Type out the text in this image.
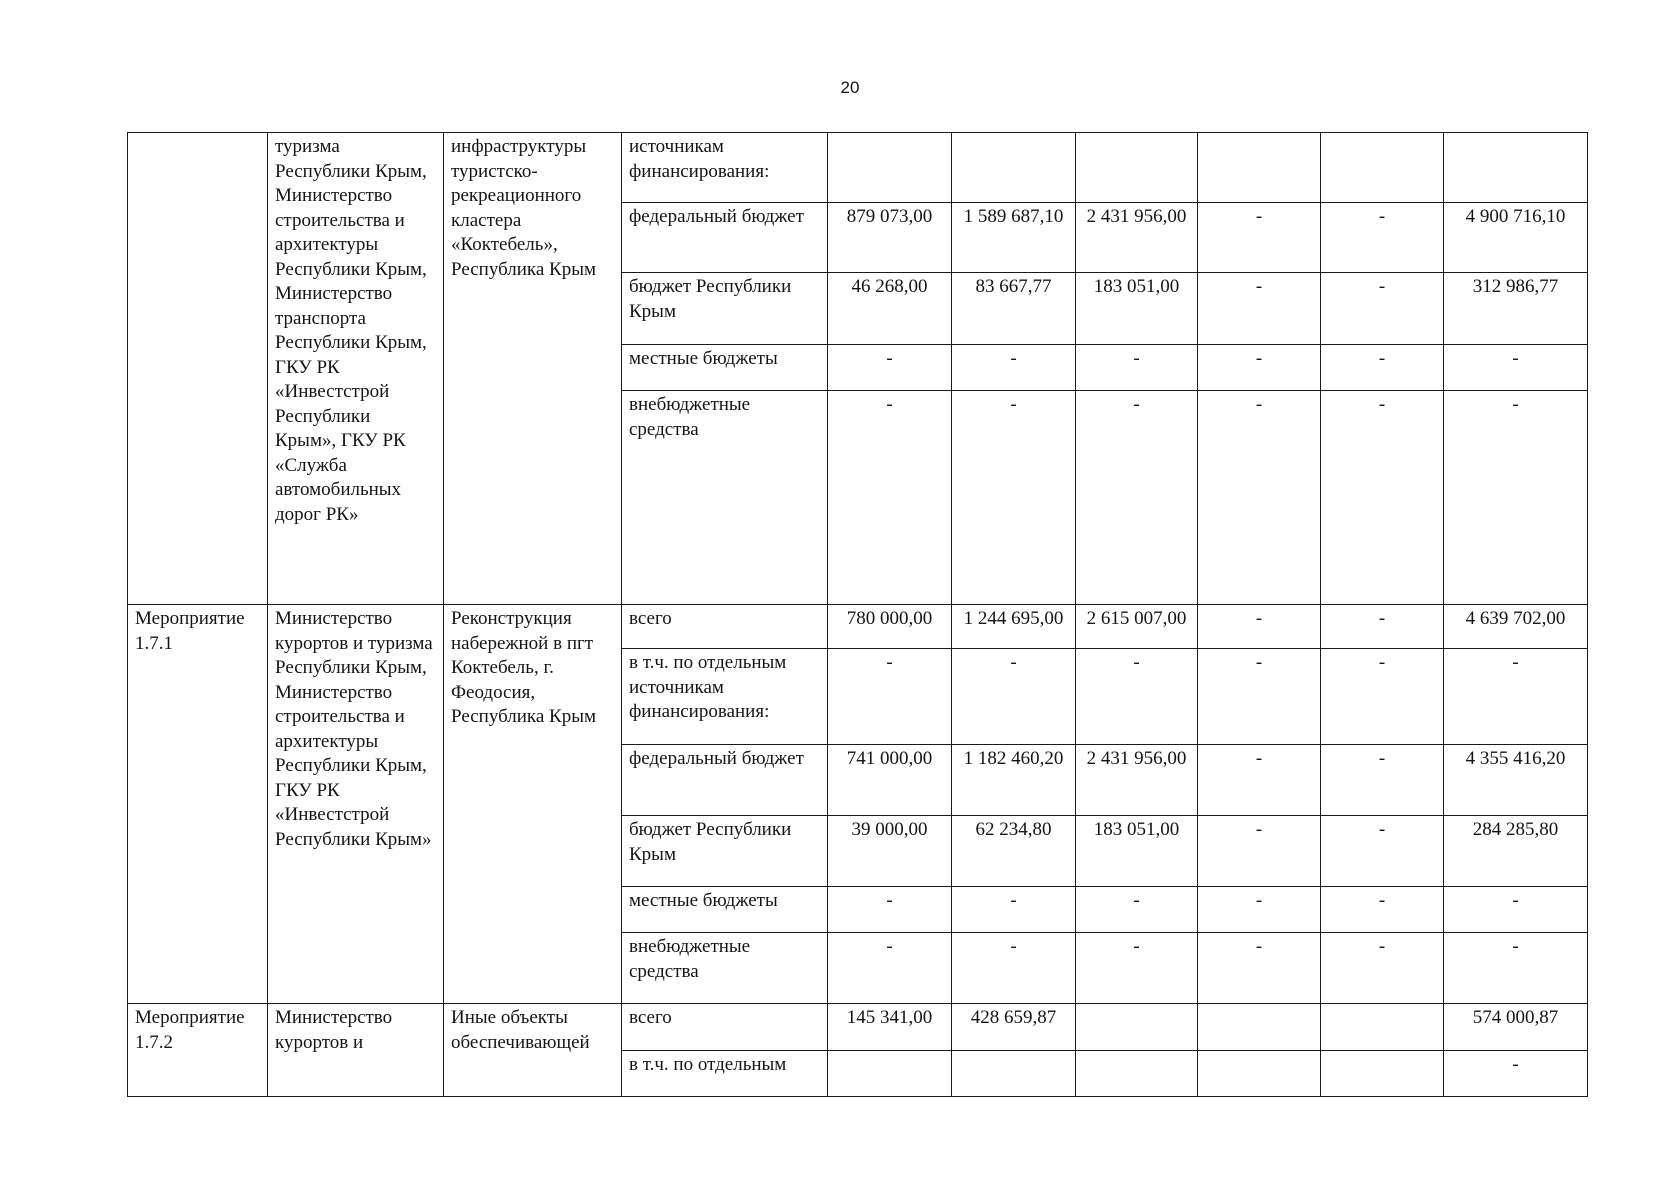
20
	туризма Республики Крым, Министерство строительства и архитектуры Республики Крым, Министерство транспорта Республики Крым, ГКУ РК «Инвестстрой Республики Крым», ГКУ РК «Служба автомобильных дорог РК»	инфраструктуры туристско-рекреационного кластера «Коктебель», Республика Крым	источникам финансирования:						
			федеральный бюджет	879 073,00	1 589 687,10	2 431 956,00	-	-	4 900 716,10
			бюджет Республики Крым	46 268,00	83 667,77	183 051,00	-	-	312 986,77
			местные бюджеты	-	-	-	-	-	-
			внебюджетные средства	-	-	-	-	-	-
Мероприятие 1.7.1	Министерство курортов и туризма Республики Крым, Министерство строительства и архитектуры Республики Крым, ГКУ РК «Инвестстрой Республики Крым»	Реконструкция набережной в пгт Коктебель, г. Феодосия, Республика Крым	всего	780 000,00	1 244 695,00	2 615 007,00	-	-	4 639 702,00
			в т.ч. по отдельным источникам финансирования:	-	-	-	-	-	-
			федеральный бюджет	741 000,00	1 182 460,20	2 431 956,00	-	-	4 355 416,20
			бюджет Республики Крым	39 000,00	62 234,80	183 051,00	-	-	284 285,80
			местные бюджеты	-	-	-	-	-	-
			внебюджетные средства	-	-	-	-	-	-
Мероприятие 1.7.2	Министерство курортов и	Иные объекты обеспечивающей	всего	145 341,00	428 659,87				574 000,87
			в т.ч. по отдельным						-
